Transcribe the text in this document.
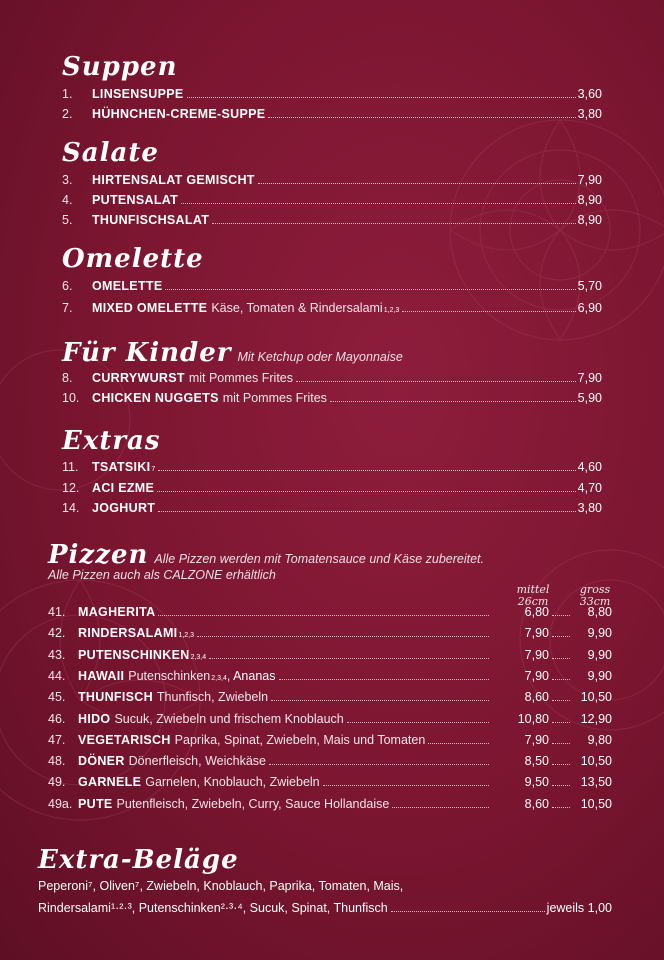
Suppen
1. LINSENSUPPE	3,60
2. HÜHNCHEN-CREME-SUPPE	3,80
Salate
3. HIRTENSALAT GEMISCHT	7,90
4. PUTENSALAT	8,90
5. THUNFISCHSALAT	8,90
Omelette
6. OMELETTE	5,70
7. MIXED OMELETTE Käse, Tomaten & Rindersalami 1,2,3	6,90
Für Kinder Mit Ketchup oder Mayonnaise
8. CURRYWURST mit Pommes Frites	7,90
10. CHICKEN NUGGETS mit Pommes Frites	5,90
Extras
11. TSATSIKI 7	4,60
12. ACI EZME	4,70
14. JOGHURT	3,80
Pizzen Alle Pizzen werden mit Tomatensauce und Käse zubereitet.
Alle Pizzen auch als CALZONE erhältlich
mittel
26cm
gross
33cm
41. MAGHERITA	6,80	8,80
42. RINDERSALAMI 1,2,3	7,90	9,90
43. PUTENSCHINKEN 2,3,4	7,90	9,90
44. HAWAII Putenschinken 2,3,4 , Ananas	7,90	9,90
45. THUNFISCH Thunfisch, Zwiebeln	8,60	10,50
46. HIDO Sucuk, Zwiebeln und frischem Knoblauch	10,80	12,90
47. VEGETARISCH Paprika, Spinat, Zwiebeln, Mais und Tomaten	7,90	9,80
48. DÖNER Dönerfleisch, Weichkäse	8,50	10,50
49. GARNELE Garnelen, Knoblauch, Zwiebeln	9,50	13,50
49a. PUTE Putenfleisch, Zwiebeln, Curry, Sauce Hollandaise	8,60	10,50
Extra-Beläge
Peperoni⁷, Oliven⁷, Zwiebeln, Knoblauch, Paprika, Tomaten, Mais,
Rindersalami¹·²·³, Putenschinken²·³·⁴, Sucuk, Spinat, Thunfisch	jeweils 1,00
